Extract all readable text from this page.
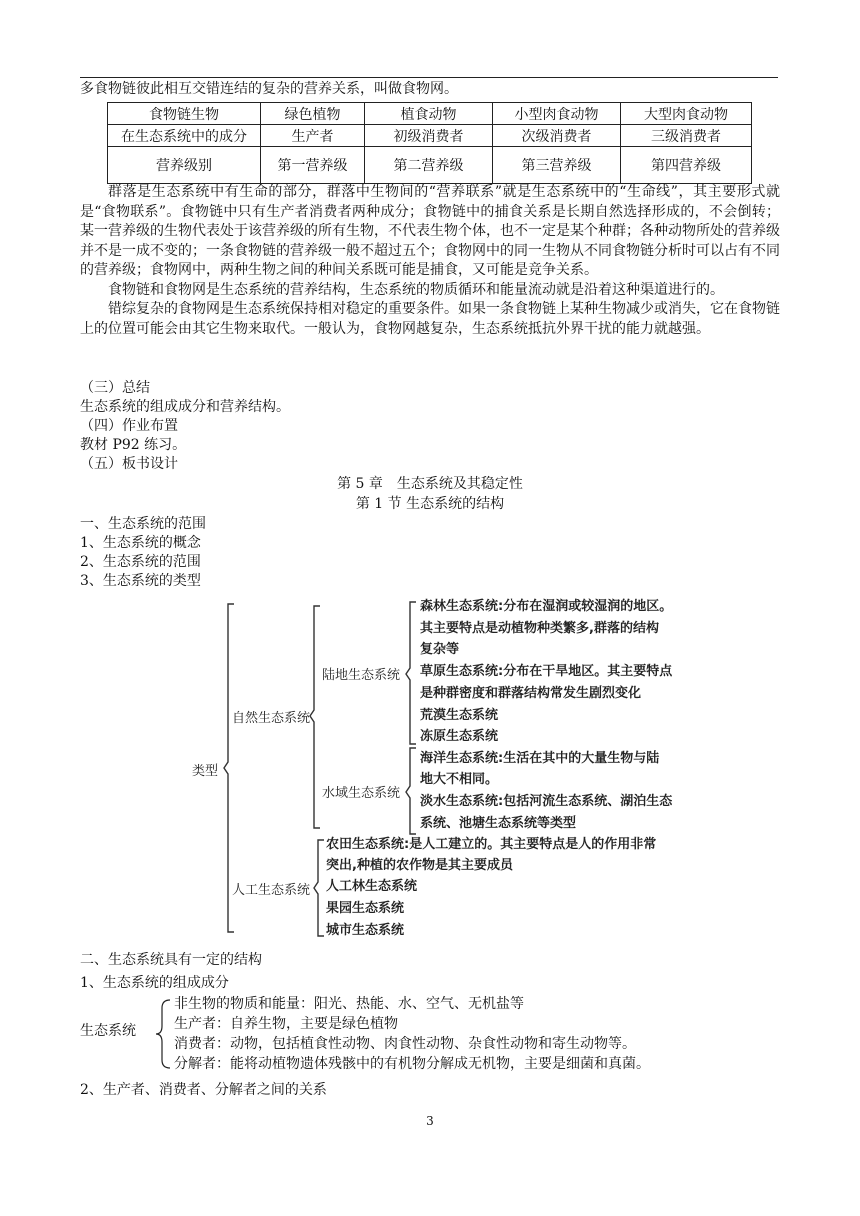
多食物链彼此相互交错连结的复杂的营养关系，叫做食物网。
食物链生物	绿色植物	植食动物	小型肉食动物	大型肉食动物
在生态系统中的成分	生产者	初级消费者	次级消费者	三级消费者
营养级别	第一营养级	第二营养级	第三营养级	第四营养级

群落是生态系统中有生命的部分，群落中生物间的“营养联系”就是生态系统中的“生命线”，其主要形式就是“食物联系”。食物链中只有生产者消费者两种成分；食物链中的捕食关系是长期自然选择形成的，不会倒转；某一营养级的生物代表处于该营养级的所有生物，不代表生物个体，也不一定是某个种群；各种动物所处的营养级并不是一成不变的；一条食物链的营养级一般不超过五个；食物网中的同一生物从不同食物链分析时可以占有不同的营养级；食物网中，两种生物之间的种间关系既可能是捕食，又可能是竞争关系。

食物链和食物网是生态系统的营养结构，生态系统的物质循环和能量流动就是沿着这种渠道进行的。

错综复杂的食物网是生态系统保持相对稳定的重要条件。如果一条食物链上某种生物减少或消失，它在食物链上的位置可能会由其它生物来取代。一般认为，食物网越复杂，生态系统抵抗外界干扰的能力就越强。

（三）总结
生态系统的组成成分和营养结构。
（四）作业布置
教材 P92 练习。
（五）板书设计
第 5 章　生态系统及其稳定性
第 1 节 生态系统的结构
一、生态系统的范围
1、生态系统的概念
2、生态系统的范围
3、生态系统的类型
类型
自然生态系统
陆地生态系统
水域生态系统
人工生态系统
森林生态系统:分布在湿润或较湿润的地区。
其主要特点是动植物种类繁多,群落的结构
复杂等
草原生态系统:分布在干旱地区。其主要特点
是种群密度和群落结构常发生剧烈变化
荒漠生态系统
冻原生态系统
海洋生态系统:生活在其中的大量生物与陆
地大不相同。
淡水生态系统:包括河流生态系统、湖泊生态
系统、池塘生态系统等类型
农田生态系统:是人工建立的。其主要特点是人的作用非常
突出,种植的农作物是其主要成员
人工林生态系统
果园生态系统
城市生态系统
二、生态系统具有一定的结构
1、生态系统的组成成分
生态系统
非生物的物质和能量：阳光、热能、水、空气、无机盐等
生产者：自养生物，主要是绿色植物
消费者：动物，包括植食性动物、肉食性动物、杂食性动物和寄生动物等。
分解者：能将动植物遗体残骸中的有机物分解成无机物，主要是细菌和真菌。
2、生产者、消费者、分解者之间的关系
3
